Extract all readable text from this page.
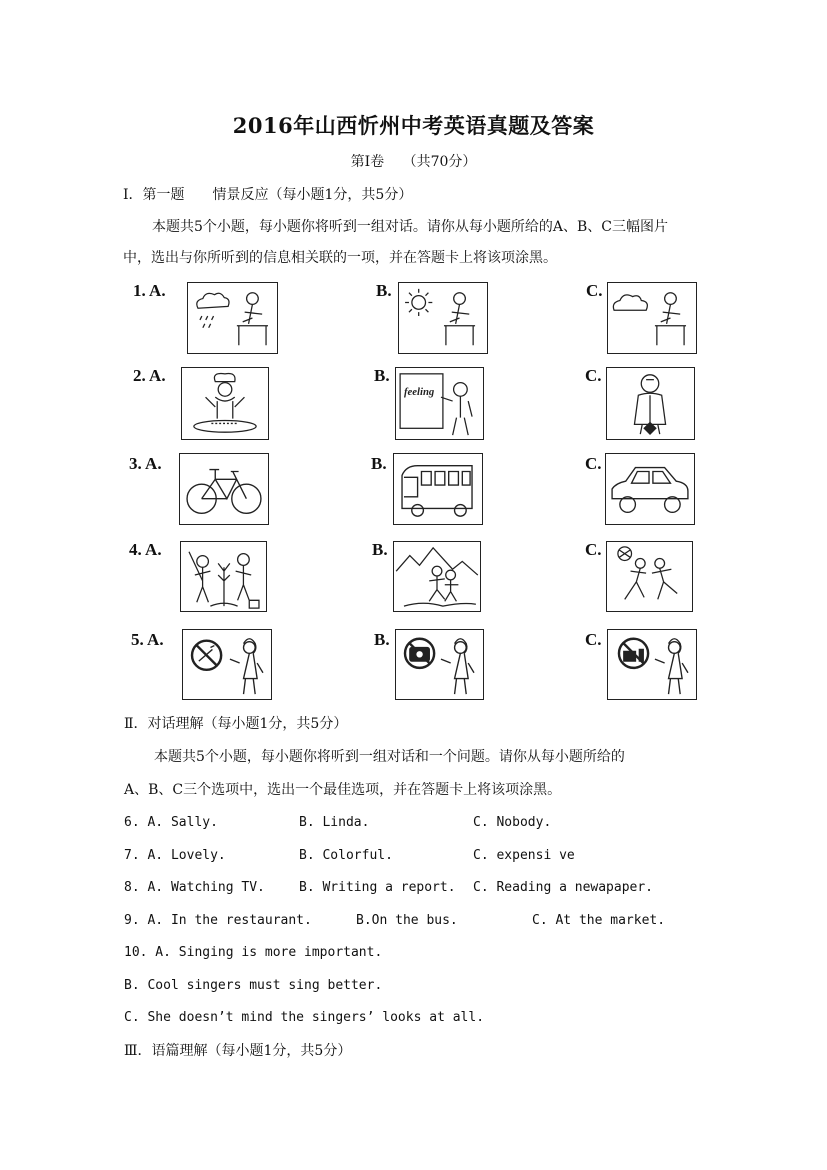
2016年山西忻州中考英语真题及答案
第Ⅰ卷　 （共70分）
Ⅰ．第一题　　情景反应（每小题1分，共5分）
本题共5个小题，每小题你将听到一组对话。请你从每小题所给的A、B、C三幅图片
中，选出与你所听到的信息相关联的一项，并在答题卡上将该项涂黑。
1. A.	B.	C.
2. A.	B.	C.
feeling
3. A.	B.	C.
4. A.	B.	C.
5. A.	B.	C.
Ⅱ．对话理解（每小题1分，共5分）
本题共5个小题，每小题你将听到一组对话和一个问题。请你从每小题所给的
A、B、C三个选项中，选出一个最佳选项，并在答题卡上将该项涂黑。
6. A. Sally.	B. Linda.	C. Nobody.
7. A. Lovely.	B. Colorful.	C. expensi ve
8. A. Watching TV.	B. Writing a report. C. Reading a newapaper.
9. A. In the restaurant.	B.On the bus.	C. At the market.
10. A. Singing is more important.
B. Cool singers must sing better.
C. She doesn’t mind the singers’ looks at all.
Ⅲ．语篇理解（每小题1分，共5分）
